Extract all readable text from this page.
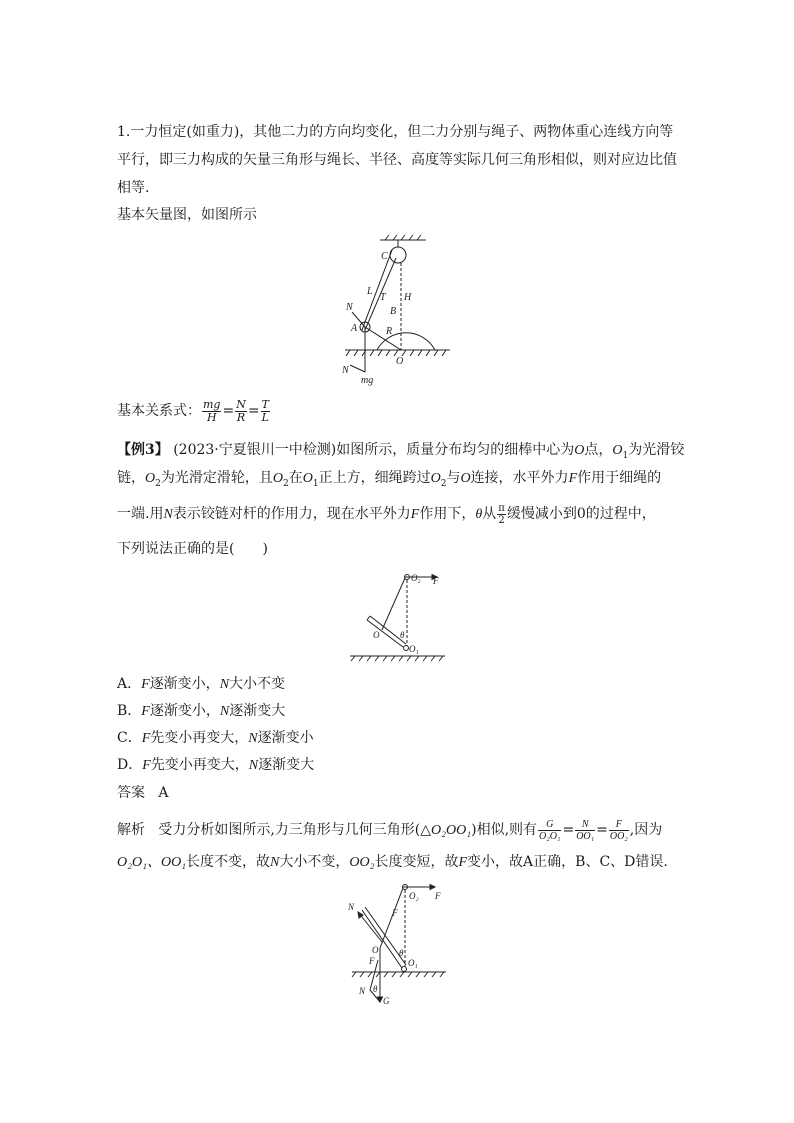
1.一力恒定(如重力)，其他二力的方向均变化，但二力分别与绳子、两物体重心连线方向等
平行，即三力构成的矢量三角形与绳长、半径、高度等实际几何三角形相似，则对应边比值
相等.
基本矢量图，如图所示
C
L
T H
B
N
A	R
O
N
mg
基本关系式： $\frac{mg}{H} = \frac{N}{R} = \frac{T}{L}$
【例3】 (2023·宁夏银川一中检测)如图所示，质量分布均匀的细棒中心为O点，$O_1$为光滑铰
链，$O_2$为光滑定滑轮，且$O_2$在$O_1$正上方，细绳跨过$O_2$与O连接，水平外力F作用于细绳的
一端.用N表示铰链对杆的作用力，现在水平外力F作用下，θ从 $\frac{\pi}{2}$ 缓慢减小到0的过程中，
下列说法正确的是(　　)
O₂ F
O θ
O₁
A．F逐渐变小，N大小不变
B．F逐渐变小，N逐渐变大
C．F先变小再变大，N逐渐变小
D．F先变小再变大，N逐渐变大
答案 A
解析 受力分析如图所示,力三角形与几何三角形(△O₂OO₁)相似,则有 $\frac{G}{\text{O₂O₁}} = \frac{N}{\text{OO₁}} = \frac{F}{\text{OO₂}}$ ,因为
O₂O₁、OO₁长度不变，故N大小不变，OO₂长度变短，故F变小，故A正确，B、C、D错误.
N
F
O₂ F
O θ
F	O₁
N θ
G
